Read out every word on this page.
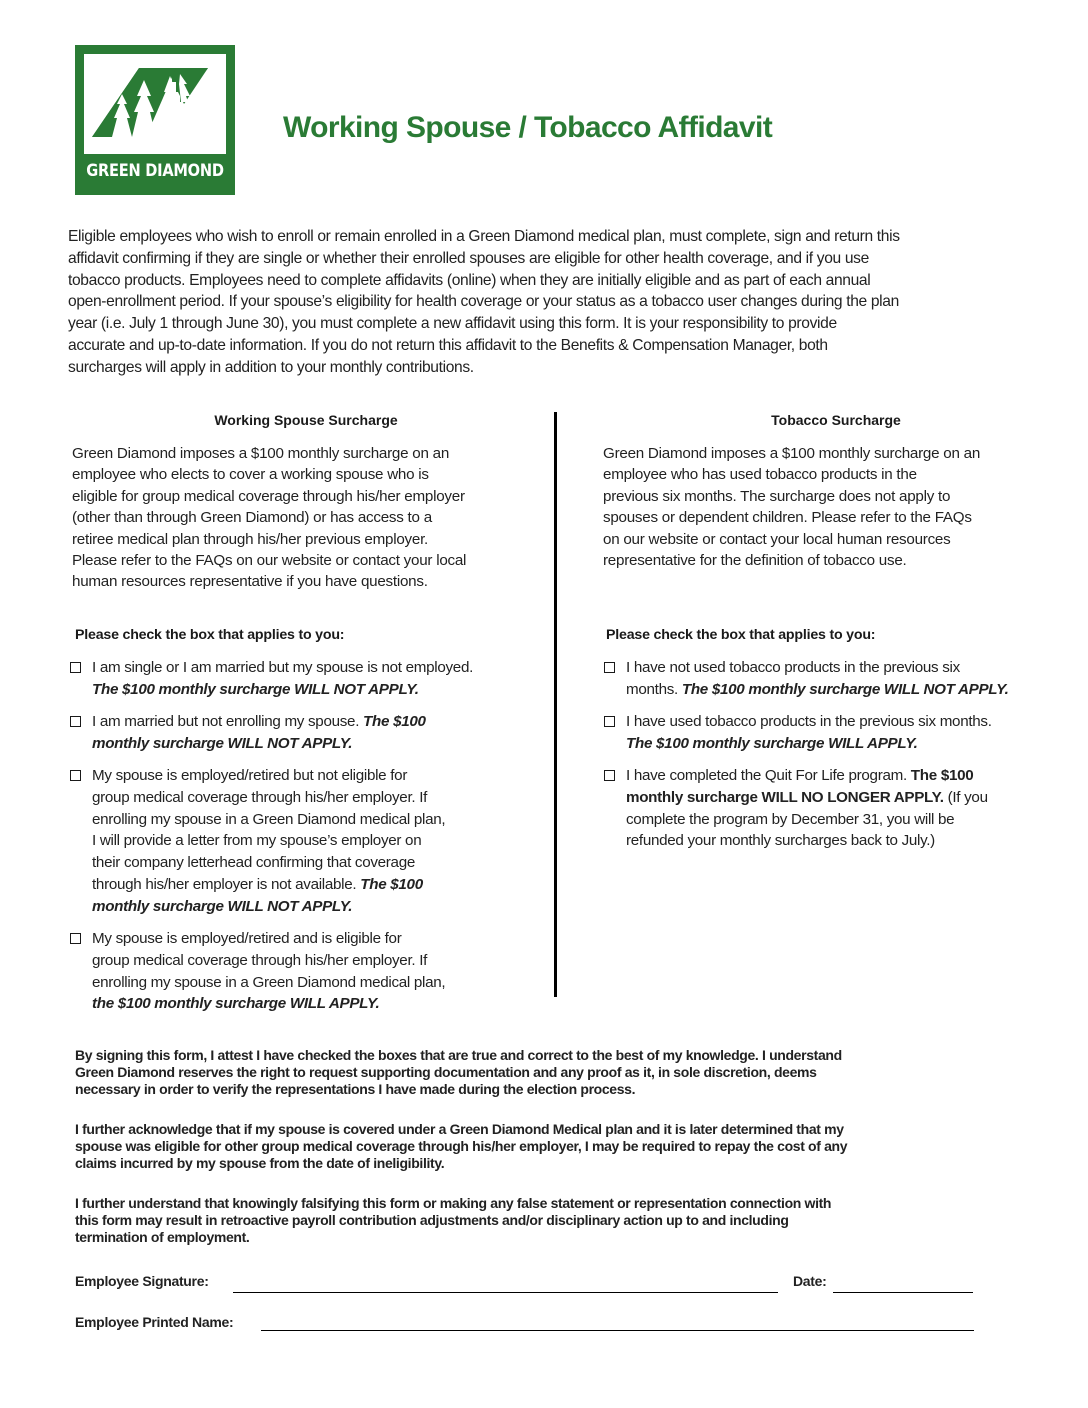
GREEN DIAMOND
Working Spouse / Tobacco Affidavit
Eligible employees who wish to enroll or remain enrolled in a Green Diamond medical plan, must complete, sign and return this
affidavit confirming if they are single or whether their enrolled spouses are eligible for other health coverage, and if you use
tobacco products. Employees need to complete affidavits (online) when they are initially eligible and as part of each annual
open-enrollment period. If your spouse’s eligibility for health coverage or your status as a tobacco user changes during the plan
year (i.e. July 1 through June 30), you must complete a new affidavit using this form. It is your responsibility to provide
accurate and up-to-date information. If you do not return this affidavit to the Benefits & Compensation Manager, both
surcharges will apply in addition to your monthly contributions.
Working Spouse Surcharge
Green Diamond imposes a $100 monthly surcharge on an
employee who elects to cover a working spouse who is
eligible for group medical coverage through his/her employer
(other than through Green Diamond) or has access to a
retiree medical plan through his/her previous employer.
Please refer to the FAQs on our website or contact your local
human resources representative if you have questions.
Please check the box that applies to you:
I am single or I am married but my spouse is not employed.
The $100 monthly surcharge WILL NOT APPLY.
I am married but not enrolling my spouse. The $100
monthly surcharge WILL NOT APPLY.
My spouse is employed/retired but not eligible for
group medical coverage through his/her employer. If
enrolling my spouse in a Green Diamond medical plan,
I will provide a letter from my spouse’s employer on
their company letterhead confirming that coverage
through his/her employer is not available. The $100
monthly surcharge WILL NOT APPLY.
My spouse is employed/retired and is eligible for
group medical coverage through his/her employer. If
enrolling my spouse in a Green Diamond medical plan,
the $100 monthly surcharge WILL APPLY.
Tobacco Surcharge
Green Diamond imposes a $100 monthly surcharge on an
employee who has used tobacco products in the
previous six months. The surcharge does not apply to
spouses or dependent children. Please refer to the FAQs
on our website or contact your local human resources
representative for the definition of tobacco use.
Please check the box that applies to you:
I have not used tobacco products in the previous six
months. The $100 monthly surcharge WILL NOT APPLY.
I have used tobacco products in the previous six months.
The $100 monthly surcharge WILL APPLY.
I have completed the Quit For Life program. The $100
monthly surcharge WILL NO LONGER APPLY. (If you
complete the program by December 31, you will be
refunded your monthly surcharges back to July.)
By signing this form, I attest I have checked the boxes that are true and correct to the best of my knowledge. I understand
Green Diamond reserves the right to request supporting documentation and any proof as it, in sole discretion, deems
necessary in order to verify the representations I have made during the election process.
I further acknowledge that if my spouse is covered under a Green Diamond Medical plan and it is later determined that my
spouse was eligible for other group medical coverage through his/her employer, I may be required to repay the cost of any
claims incurred by my spouse from the date of ineligibility.
I further understand that knowingly falsifying this form or making any false statement or representation connection with
this form may result in retroactive payroll contribution adjustments and/or disciplinary action up to and including
termination of employment.
Employee Signature:	Date:
Employee Printed Name:
